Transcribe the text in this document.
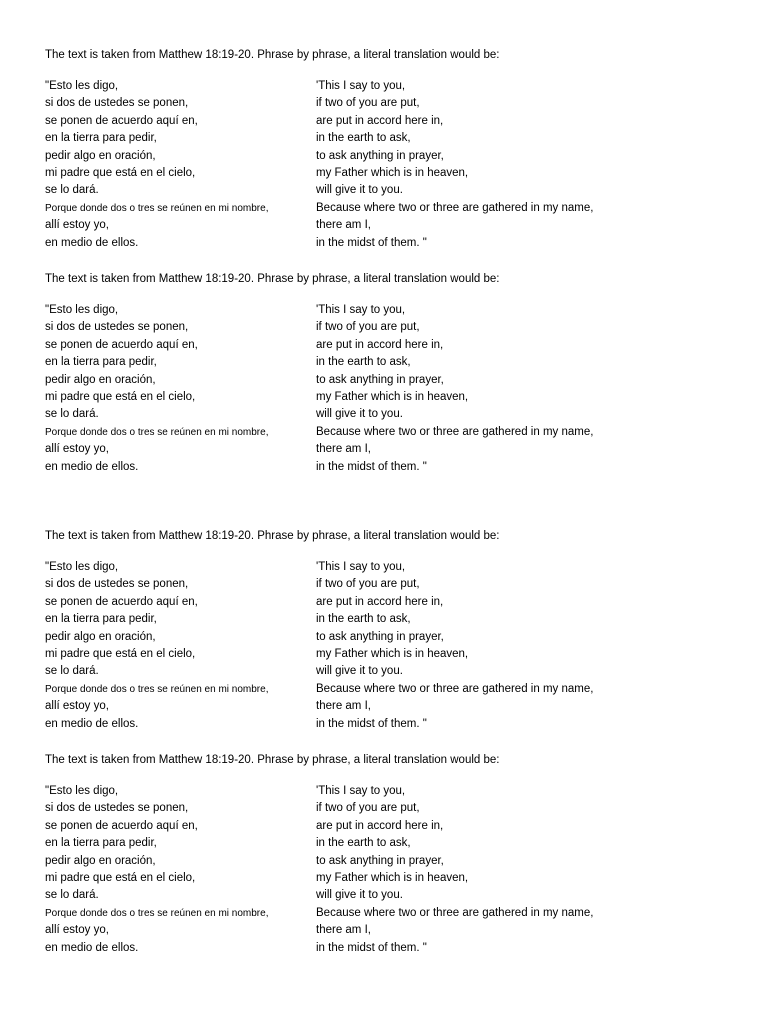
The text is taken from Matthew 18:19-20. Phrase by phrase, a literal translation would be:
"Esto les digo,
si dos de ustedes se ponen,
se ponen de acuerdo aquí en,
en la tierra para pedir,
pedir algo en oración,
mi padre que está en el cielo,
se lo dará.
Porque donde dos o tres se reúnen en mi nombre,
allí estoy yo,
en medio de ellos.
'This I say to you,
if two of you are put,
are put in accord here in,
in the earth to ask,
to ask anything in prayer,
my Father which is in heaven,
will give it to you.
Because where two or three are gathered in my name,
there am I,
in the midst of them. "
The text is taken from Matthew 18:19-20. Phrase by phrase, a literal translation would be:
"Esto les digo,
si dos de ustedes se ponen,
se ponen de acuerdo aquí en,
en la tierra para pedir,
pedir algo en oración,
mi padre que está en el cielo,
se lo dará.
Porque donde dos o tres se reúnen en mi nombre,
allí estoy yo,
en medio de ellos.
'This I say to you,
if two of you are put,
are put in accord here in,
in the earth to ask,
to ask anything in prayer,
my Father which is in heaven,
will give it to you.
Because where two or three are gathered in my name,
there am I,
in the midst of them. "
The text is taken from Matthew 18:19-20. Phrase by phrase, a literal translation would be:
"Esto les digo,
si dos de ustedes se ponen,
se ponen de acuerdo aquí en,
en la tierra para pedir,
pedir algo en oración,
mi padre que está en el cielo,
se lo dará.
Porque donde dos o tres se reúnen en mi nombre,
allí estoy yo,
en medio de ellos.
'This I say to you,
if two of you are put,
are put in accord here in,
in the earth to ask,
to ask anything in prayer,
my Father which is in heaven,
will give it to you.
Because where two or three are gathered in my name,
there am I,
in the midst of them. "
The text is taken from Matthew 18:19-20. Phrase by phrase, a literal translation would be:
"Esto les digo,
si dos de ustedes se ponen,
se ponen de acuerdo aquí en,
en la tierra para pedir,
pedir algo en oración,
mi padre que está en el cielo,
se lo dará.
Porque donde dos o tres se reúnen en mi nombre,
allí estoy yo,
en medio de ellos.
'This I say to you,
if two of you are put,
are put in accord here in,
in the earth to ask,
to ask anything in prayer,
my Father which is in heaven,
will give it to you.
Because where two or three are gathered in my name,
there am I,
in the midst of them. "
